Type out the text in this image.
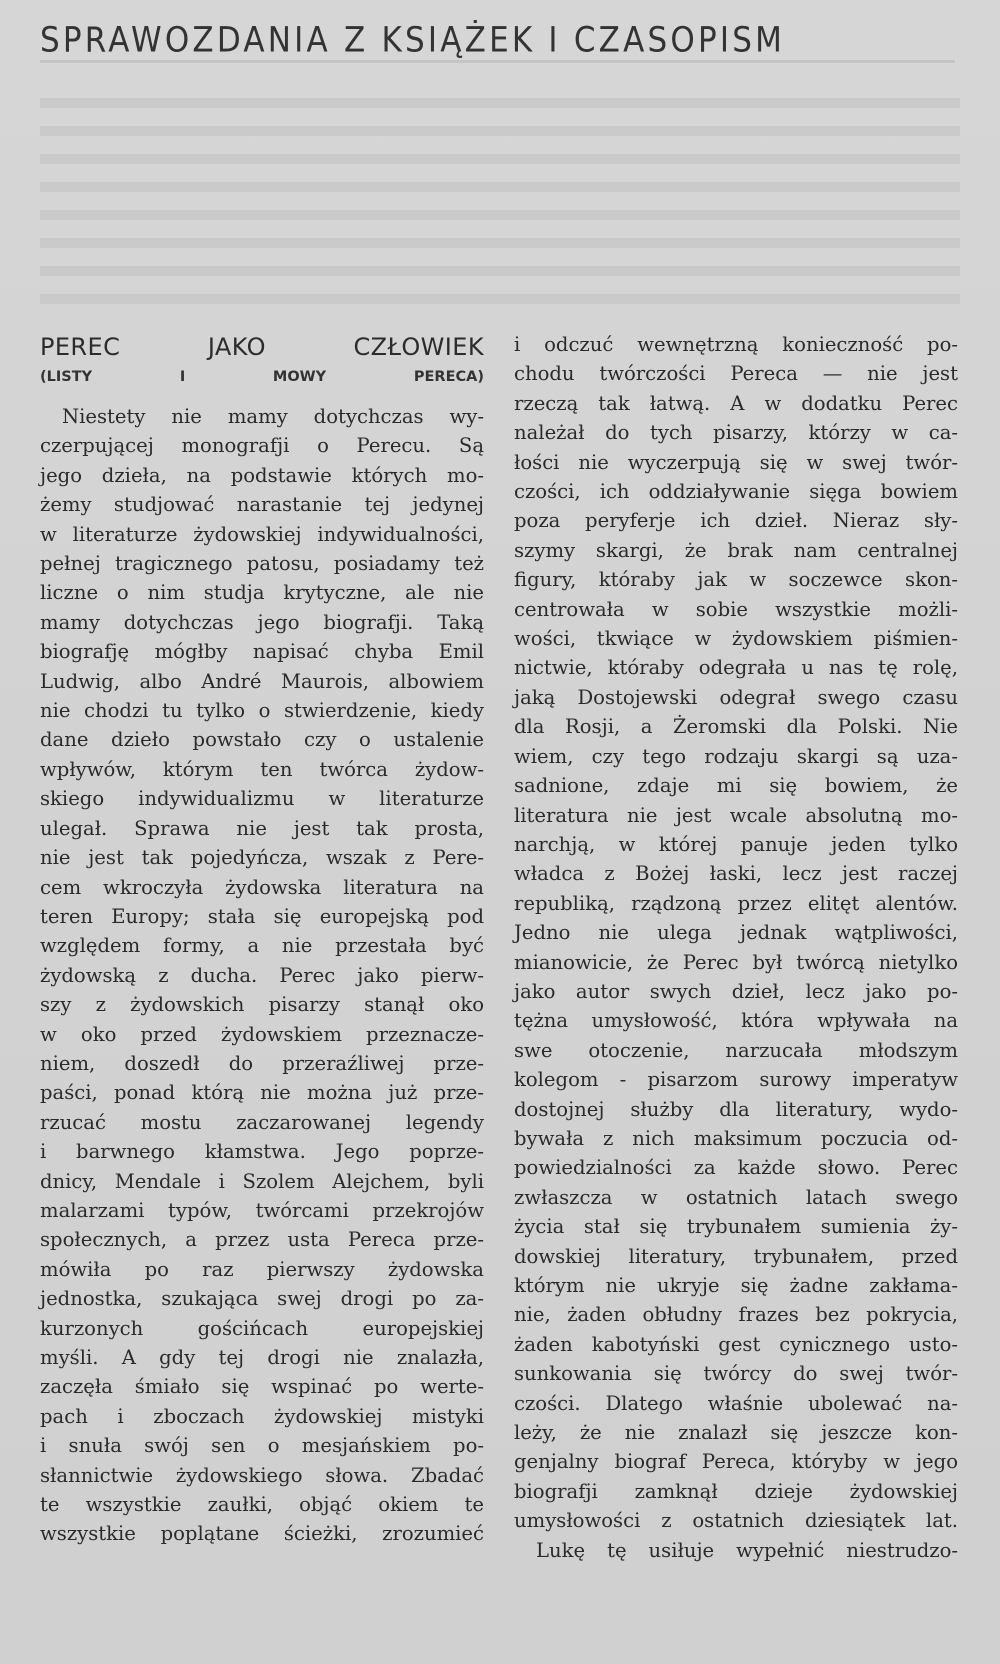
SPRAWOZDANIA Z KSIĄŻEK I CZASOPISM
PEREC JAKO CZŁOWIEK
(LISTY I MOWY PERECA)
Niestety nie mamy dotychczas wy-
czerpującej monografji o Perecu. Są
jego dzieła, na podstawie których mo-
żemy studjować narastanie tej jedynej
w literaturze żydowskiej indywidualności,
pełnej tragicznego patosu, posiadamy też
liczne o nim studja krytyczne, ale nie
mamy dotychczas jego biografji. Taką
biografję mógłby napisać chyba Emil
Ludwig, albo André Maurois, albowiem
nie chodzi tu tylko o stwierdzenie, kiedy
dane dzieło powstało czy o ustalenie
wpływów, którym ten twórca żydow-
skiego indywidualizmu w literaturze
ulegał. Sprawa nie jest tak prosta,
nie jest tak pojedyńcza, wszak z Pere-
cem wkroczyła żydowska literatura na
teren Europy; stała się europejską pod
względem formy, a nie przestała być
żydowską z ducha. Perec jako pierw-
szy z żydowskich pisarzy stanął oko
w oko przed żydowskiem przeznacze-
niem, doszedł do przeraźliwej prze-
paści, ponad którą nie można już prze-
rzucać mostu zaczarowanej legendy
i barwnego kłamstwa. Jego poprze-
dnicy, Mendale i Szolem Alejchem, byli
malarzami typów, twórcami przekrojów
społecznych, a przez usta Pereca prze-
mówiła po raz pierwszy żydowska
jednostka, szukająca swej drogi po za-
kurzonych gościńcach europejskiej
myśli. A gdy tej drogi nie znalazła,
zaczęła śmiało się wspinać po werte-
pach i zboczach żydowskiej mistyki
i snuła swój sen o mesjańskiem po-
słannictwie żydowskiego słowa. Zbadać
te wszystkie zaułki, objąć okiem te
wszystkie poplątane ścieżki, zrozumieć
i odczuć wewnętrzną konieczność po-
chodu twórczości Pereca — nie jest
rzeczą tak łatwą. A w dodatku Perec
należał do tych pisarzy, którzy w ca-
łości nie wyczerpują się w swej twór-
czości, ich oddziaływanie sięga bowiem
poza peryferje ich dzieł. Nieraz sły-
szymy skargi, że brak nam centralnej
figury, któraby jak w soczewce skon-
centrowała w sobie wszystkie możli-
wości, tkwiące w żydowskiem piśmien-
nictwie, któraby odegrała u nas tę rolę,
jaką Dostojewski odegrał swego czasu
dla Rosji, a Żeromski dla Polski. Nie
wiem, czy tego rodzaju skargi są uza-
sadnione, zdaje mi się bowiem, że
literatura nie jest wcale absolutną mo-
narchją, w której panuje jeden tylko
władca z Bożej łaski, lecz jest raczej
republiką, rządzoną przez elitęt alentów.
Jedno nie ulega jednak wątpliwości,
mianowicie, że Perec był twórcą nietylko
jako autor swych dzieł, lecz jako po-
tężna umysłowość, która wpływała na
swe otoczenie, narzucała młodszym
kolegom - pisarzom surowy imperatyw
dostojnej służby dla literatury, wydo-
bywała z nich maksimum poczucia od-
powiedzialności za każde słowo. Perec
zwłaszcza w ostatnich latach swego
życia stał się trybunałem sumienia ży-
dowskiej literatury, trybunałem, przed
którym nie ukryje się żadne zakłama-
nie, żaden obłudny frazes bez pokrycia,
żaden kabotyński gest cynicznego usto-
sunkowania się twórcy do swej twór-
czości. Dlatego właśnie ubolewać na-
leży, że nie znalazł się jeszcze kon-
genjalny biograf Pereca, któryby w jego
biografji zamknął dzieje żydowskiej
umysłowości z ostatnich dziesiątek lat.
Lukę tę usiłuje wypełnić niestrudzo-
